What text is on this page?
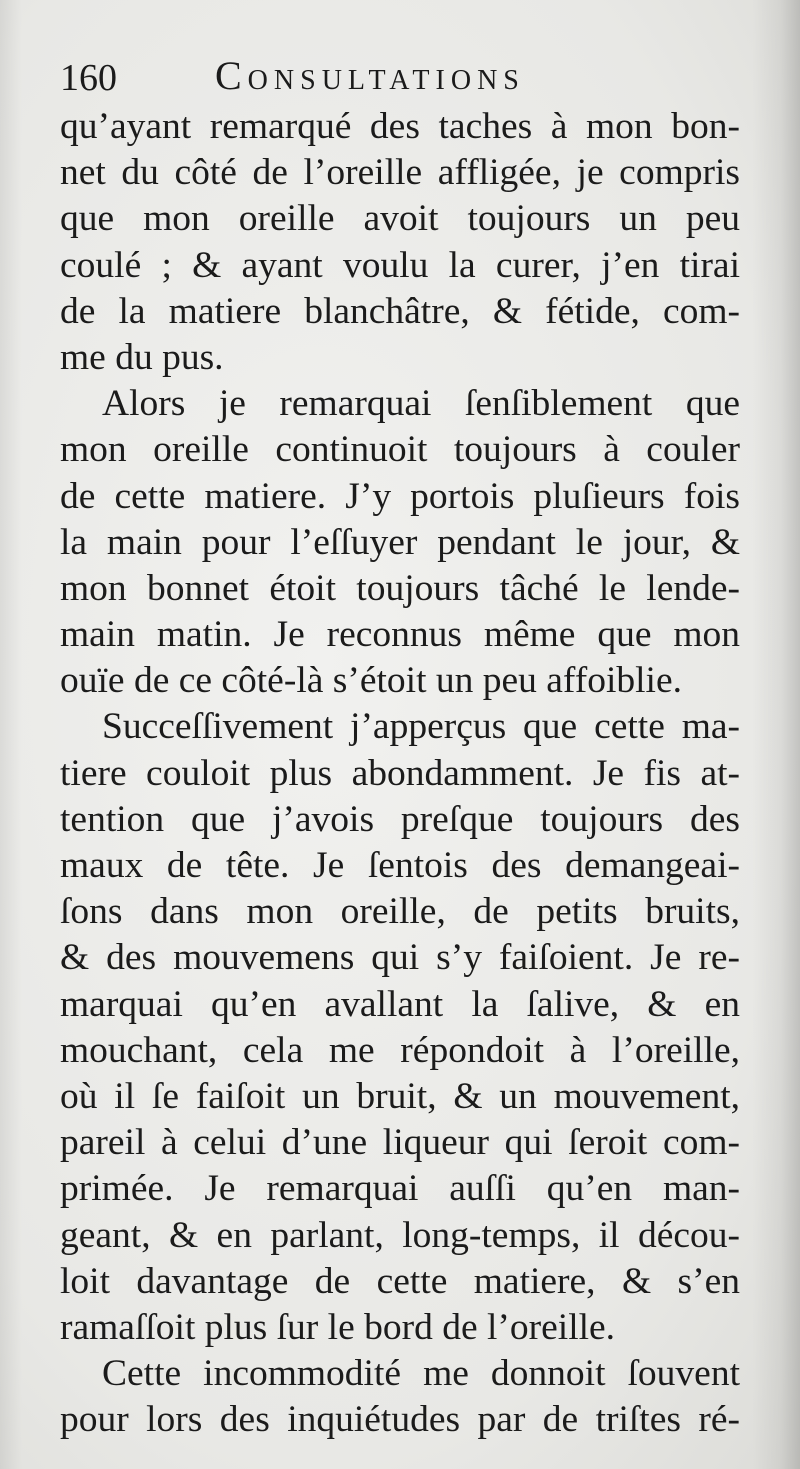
160 Consultations
qu’ayant remarqué des taches à mon bon-
net du côté de l’oreille affligée, je compris
que mon oreille avoit toujours un peu
coulé ; & ayant voulu la curer, j’en tirai
de la matiere blanchâtre, & fétide, com-
me du pus.
Alors je remarquai ſenſiblement que
mon oreille continuoit toujours à couler
de cette matiere. J’y portois pluſieurs fois
la main pour l’eſſuyer pendant le jour, &
mon bonnet étoit toujours tâché le lende-
main matin. Je reconnus même que mon
ouïe de ce côté-là s’étoit un peu affoiblie.
Succeſſivement j’apperçus que cette ma-
tiere couloit plus abondamment. Je fis at-
tention que j’avois preſque toujours des
maux de tête. Je ſentois des demangeai-
ſons dans mon oreille, de petits bruits,
& des mouvemens qui s’y faiſoient. Je re-
marquai qu’en avallant la ſalive, & en
mouchant, cela me répondoit à l’oreille,
où il ſe faiſoit un bruit, & un mouvement,
pareil à celui d’une liqueur qui ſeroit com-
primée. Je remarquai auſſi qu’en man-
geant, & en parlant, long-temps, il décou-
loit davantage de cette matiere, & s’en
ramaſſoit plus ſur le bord de l’oreille.
Cette incommodité me donnoit ſouvent
pour lors des inquiétudes par de triſtes ré-
